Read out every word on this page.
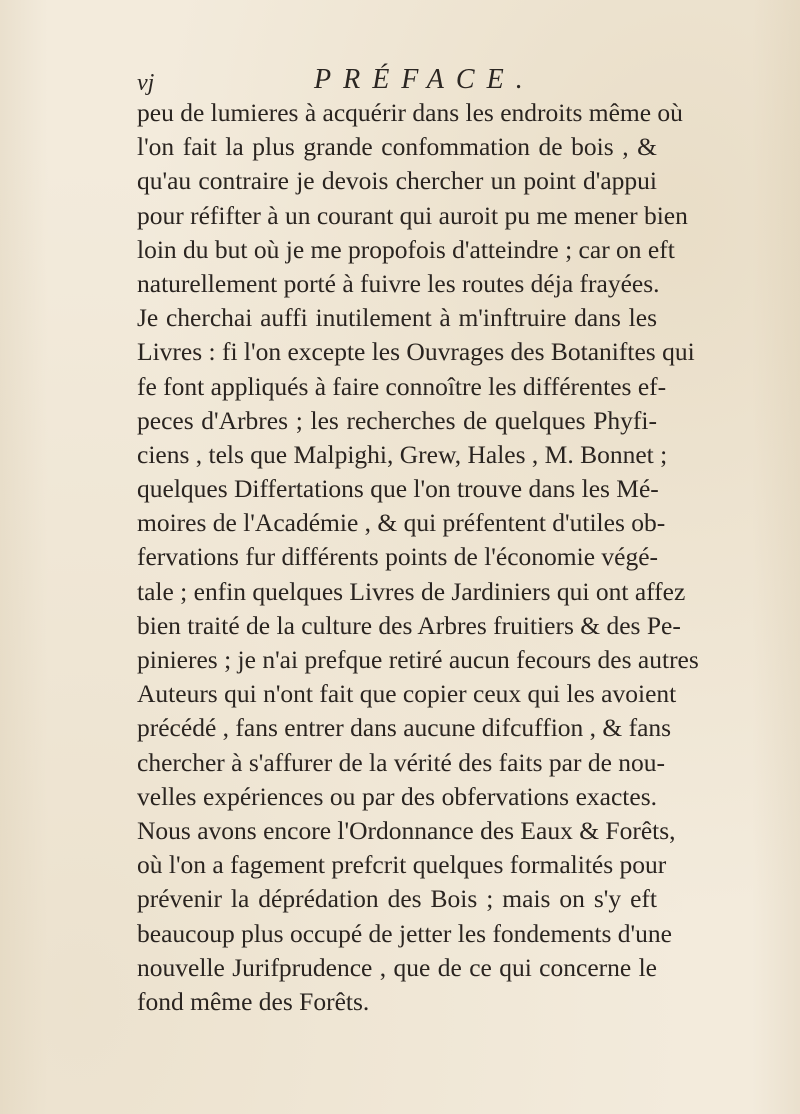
vj	PRÉFACE.
peu de lumieres à acquérir dans les endroits même où
l'on fait la plus grande confommation de bois , &
qu'au contraire je devois chercher un point d'appui
pour réfifter à un courant qui auroit pu me mener bien
loin du but où je me propofois d'atteindre ; car on eft
naturellement porté à fuivre les routes déja frayées.
Je cherchai auffi inutilement à m'inftruire dans les
Livres : fi l'on excepte les Ouvrages des Botaniftes qui
fe font appliqués à faire connoître les différentes ef-
peces d'Arbres ; les recherches de quelques Phyfi-
ciens , tels que Malpighi, Grew, Hales , M. Bonnet ;
quelques Differtations que l'on trouve dans les Mé-
moires de l'Académie , & qui préfentent d'utiles ob-
fervations fur différents points de l'économie végé-
tale ; enfin quelques Livres de Jardiniers qui ont affez
bien traité de la culture des Arbres fruitiers & des Pe-
pinieres ; je n'ai prefque retiré aucun fecours des autres
Auteurs qui n'ont fait que copier ceux qui les avoient
précédé , fans entrer dans aucune difcuffion , & fans
chercher à s'affurer de la vérité des faits par de nou-
velles expériences ou par des obfervations exactes.
Nous avons encore l'Ordonnance des Eaux & Forêts,
où l'on a fagement prefcrit quelques formalités pour
prévenir la déprédation des Bois ; mais on s'y eft
beaucoup plus occupé de jetter les fondements d'une
nouvelle Jurifprudence , que de ce qui concerne le
fond même des Forêts.
